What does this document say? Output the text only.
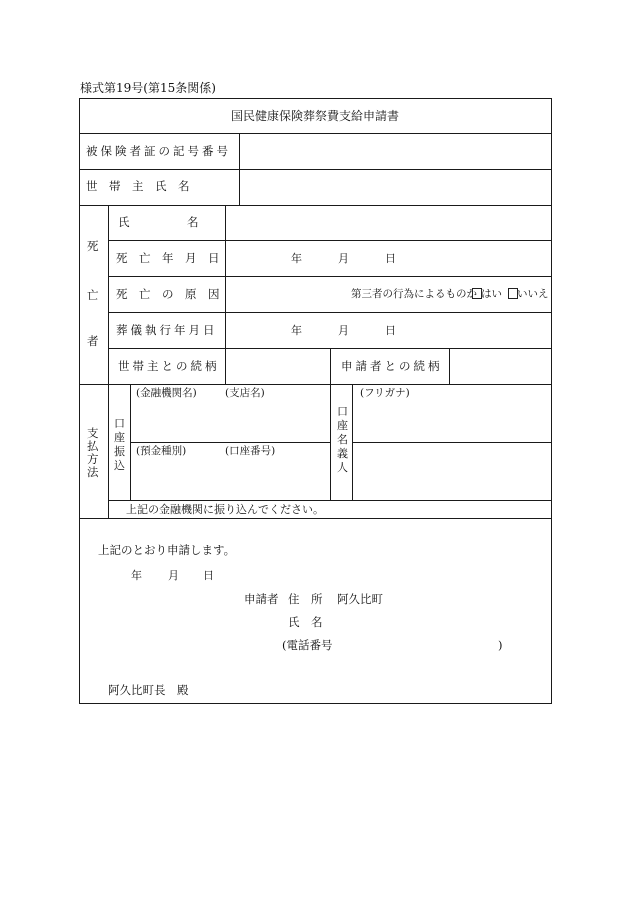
様式第19号(第15条関係)
国民健康保険葬祭費支給申請書
被保険者証の記号番号
世　帯　主　氏　名
死
亡
者
氏　　　　　名
死　亡　年　月　日	年	月	日
死　亡　の　原　因	第三者の行為によるものか はい いいえ
葬儀執行年月日	年	月	日
世帯主との続柄	申請者との続柄
支
払
方
法
口
座
振
込
(金融機関名)	(支店名)
(預金種別)	(口座番号)
口
座
名
義
人
(フリガナ)
上記の金融機関に振り込んでください。
上記のとおり申請します。
年 月 日
申請者 住　所 阿久比町
氏　名
(電話番号	)
阿久比町長　殿
